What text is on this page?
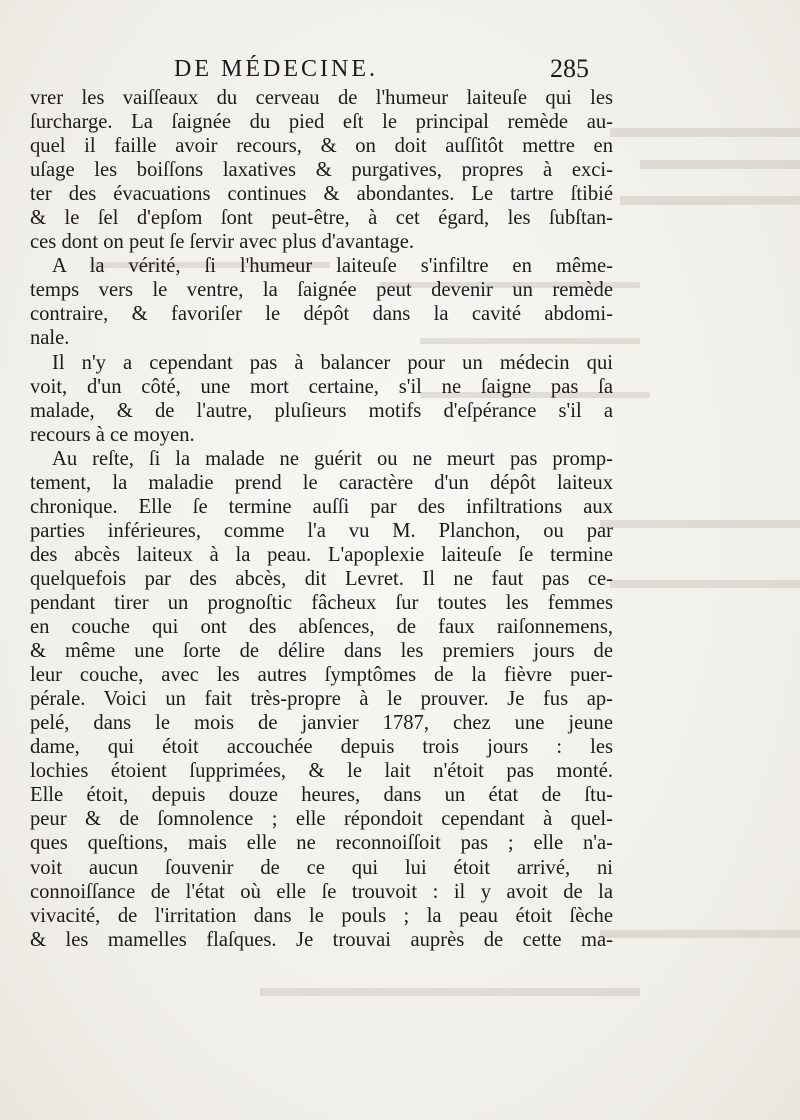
DE MÉDECINE.	285
vrer les vaiſſeaux du cerveau de l'humeur laiteuſe qui les
ſurcharge. La ſaignée du pied eſt le principal remède au-
quel il faille avoir recours, & on doit auſſitôt mettre en
uſage les boiſſons laxatives & purgatives, propres à exci-
ter des évacuations continues & abondantes. Le tartre ſtibié
& le ſel d'epſom ſont peut-être, à cet égard, les ſubſtan-
ces dont on peut ſe ſervir avec plus d'avantage.
A la vérité, ſi l'humeur laiteuſe s'infiltre en même-
temps vers le ventre, la ſaignée peut devenir un remède
contraire, & favoriſer le dépôt dans la cavité abdomi-
nale.
Il n'y a cependant pas à balancer pour un médecin qui
voit, d'un côté, une mort certaine, s'il ne ſaigne pas ſa
malade, & de l'autre, pluſieurs motifs d'eſpérance s'il a
recours à ce moyen.
Au reſte, ſi la malade ne guérit ou ne meurt pas promp-
tement, la maladie prend le caractère d'un dépôt laiteux
chronique. Elle ſe termine auſſi par des infiltrations aux
parties inférieures, comme l'a vu M. Planchon, ou par
des abcès laiteux à la peau. L'apoplexie laiteuſe ſe termine
quelquefois par des abcès, dit Levret. Il ne faut pas ce-
pendant tirer un prognoſtic fâcheux ſur toutes les femmes
en couche qui ont des abſences, de faux raiſonnemens,
& même une ſorte de délire dans les premiers jours de
leur couche, avec les autres ſymptômes de la fièvre puer-
pérale. Voici un fait très-propre à le prouver. Je fus ap-
pelé, dans le mois de janvier 1787, chez une jeune
dame, qui étoit accouchée depuis trois jours : les
lochies étoient ſupprimées, & le lait n'étoit pas monté.
Elle étoit, depuis douze heures, dans un état de ſtu-
peur & de ſomnolence ; elle répondoit cependant à quel-
ques queſtions, mais elle ne reconnoiſſoit pas ; elle n'a-
voit aucun ſouvenir de ce qui lui étoit arrivé, ni
connoiſſance de l'état où elle ſe trouvoit : il y avoit de la
vivacité, de l'irritation dans le pouls ; la peau étoit ſèche
& les mamelles flaſques. Je trouvai auprès de cette ma-
